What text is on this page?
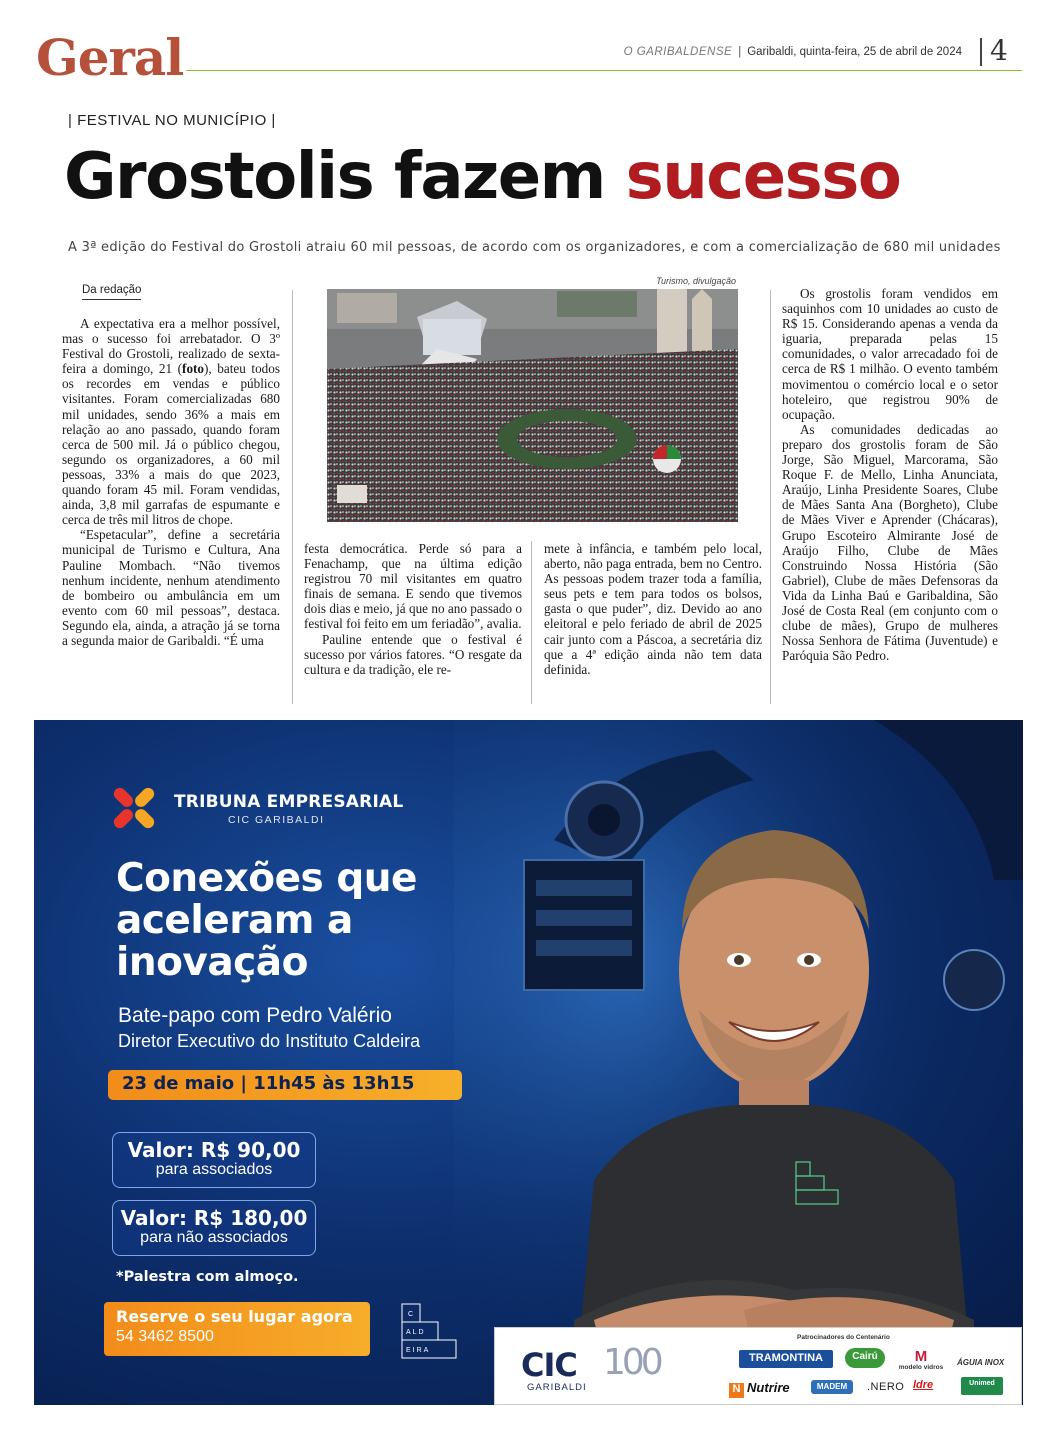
Geral	O GARIBALDENSE | Garibaldi, quinta-feira, 25 de abril de 2024 4
| FESTIVAL NO MUNICÍPIO |
Grostolis fazem sucesso
A 3ª edição do Festival do Grostoli atraiu 60 mil pessoas, de acordo com os organizadores, e com a comercialização de 680 mil unidades
Da redação

A expectativa era a melhor possível, mas o sucesso foi arrebatador. O 3º Festival do Grostoli, realizado de sexta-feira a domingo, 21 (foto), bateu todos os recordes em vendas e público visitantes. Foram comercializadas 680 mil unidades, sendo 36% a mais em relação ao ano passado, quando foram cerca de 500 mil. Já o público chegou, segundo os organizadores, a 60 mil pessoas, 33% a mais do que 2023, quando foram 45 mil. Foram vendidas, ainda, 3,8 mil garrafas de espumante e cerca de três mil litros de chope.

“Espetacular”, define a secretária municipal de Turismo e Cultura, Ana Pauline Mombach. “Não tivemos nenhum incidente, nenhum atendimento de bombeiro ou ambulância em um evento com 60 mil pessoas”, destaca. Segundo ela, ainda, a atração já se torna a segunda maior de Garibaldi. “É uma

Turismo, divulgação

festa democrática. Perde só para a Fenachamp, que na última edição registrou 70 mil visitantes em quatro finais de semana. E sendo que tivemos dois dias e meio, já que no ano passado o festival foi feito em um feriadão”, avalia.

Pauline entende que o festival é sucesso por vários fatores. “O resgate da cultura e da tradição, ele re-

mete à infância, e também pelo local, aberto, não paga entrada, bem no Centro. As pessoas podem trazer toda a família, seus pets e tem para todos os bolsos, gasta o que puder”, diz. Devido ao ano eleitoral e pelo feriado de abril de 2025 cair junto com a Páscoa, a secretária diz que a 4ª edição ainda não tem data definida.

Os grostolis foram vendidos em saquinhos com 10 unidades ao custo de R$ 15. Considerando apenas a venda da iguaria, preparada pelas 15 comunidades, o valor arrecadado foi de cerca de R$ 1 milhão. O evento também movimentou o comércio local e o setor hoteleiro, que registrou 90% de ocupação.

As comunidades dedicadas ao preparo dos grostolis foram de São Jorge, São Miguel, Marcorama, São Roque F. de Mello, Linha Anunciata, Araújo, Linha Presidente Soares, Clube de Mães Santa Ana (Borgheto), Clube de Mães Viver e Aprender (Chácaras), Grupo Escoteiro Almirante José de Araújo Filho, Clube de Mães Construindo Nossa História (São Gabriel), Clube de mães Defensoras da Vida da Linha Baú e Garibaldina, São José de Costa Real (em conjunto com o clube de mães), Grupo de mulheres Nossa Senhora de Fátima (Juventude) e Paróquia São Pedro.

TRIBUNA EMPRESARIAL
CIC GARIBALDI
Conexões que aceleram a inovação
Bate-papo com Pedro Valério
Diretor Executivo do Instituto Caldeira
23 de maio | 11h45 às 13h15
Valor: R$ 90,00
para associados
Valor: R$ 180,00
para não associados
*Palestra com almoço.
Reserve o seu lugar agora
54 3462 8500
C
ALD
EIRA	CIC
GARIBALDI
100
Patrocinadores do Centenário
TRAMONTINA	Cairú	M
modelo vidros
ÁGUIA INOX
N Nutrire	MADEM	.NERO ldre	Unimed
